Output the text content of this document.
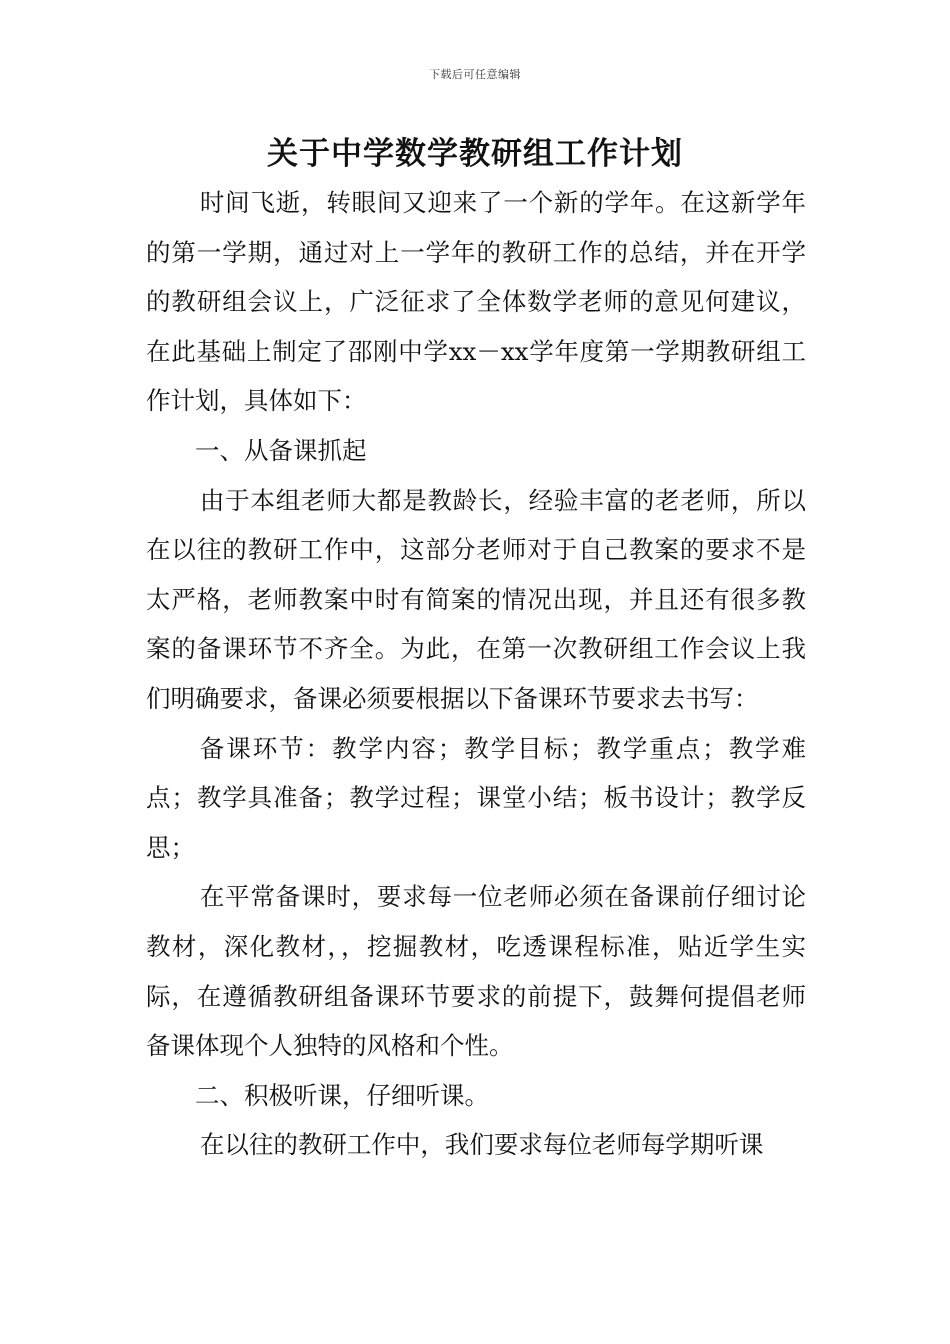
下载后可任意编辑
关于中学数学教研组工作计划

时间飞逝，转眼间又迎来了一个新的学年。在这新学年的第一学期，通过对上一学年的教研工作的总结，并在开学的教研组会议上，广泛征求了全体数学老师的意见何建议，在此基础上制定了邵刚中学xx－xx学年度第一学期教研组工作计划，具体如下：

一、从备课抓起

由于本组老师大都是教龄长，经验丰富的老老师，所以在以往的教研工作中，这部分老师对于自己教案的要求不是太严格，老师教案中时有简案的情况出现，并且还有很多教案的备课环节不齐全。为此，在第一次教研组工作会议上我们明确要求，备课必须要根据以下备课环节要求去书写：

备课环节：教学内容；教学目标；教学重点；教学难点；教学具准备；教学过程；课堂小结；板书设计；教学反思；

在平常备课时，要求每一位老师必须在备课前仔细讨论教材，深化教材，，挖掘教材，吃透课程标准，贴近学生实际，在遵循教研组备课环节要求的前提下，鼓舞何提倡老师备课体现个人独特的风格和个性。

二、积极听课，仔细听课。

在以往的教研工作中，我们要求每位老师每学期听课
